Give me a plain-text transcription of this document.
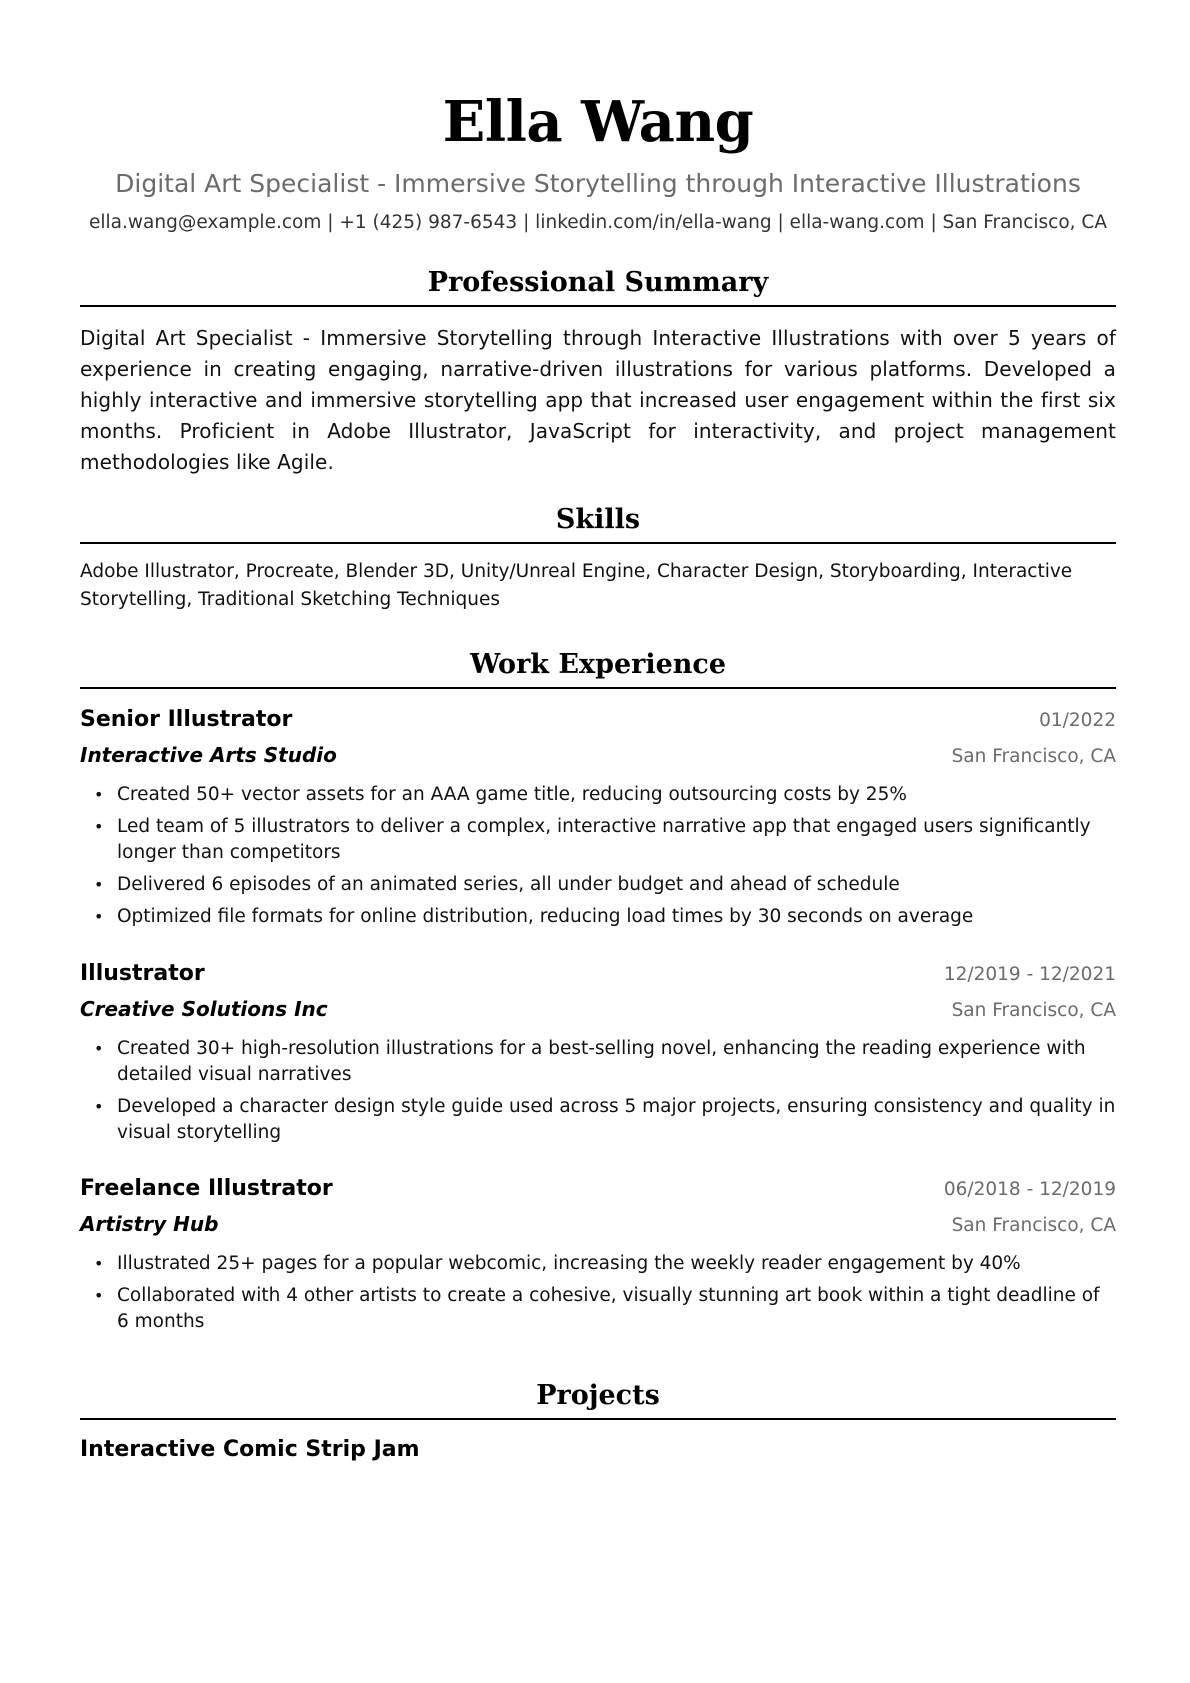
Ella Wang
Digital Art Specialist - Immersive Storytelling through Interactive Illustrations
ella.wang@example.com | +1 (425) 987-6543 | linkedin.com/in/ella-wang | ella-wang.com | San Francisco, CA
Professional Summary

Digital Art Specialist - Immersive Storytelling through Interactive Illustrations with over 5 years of experience in creating engaging, narrative-driven illustrations for various platforms. Developed a highly interactive and immersive storytelling app that increased user engagement within the first six months. Proficient in Adobe Illustrator, JavaScript for interactivity, and project management methodologies like Agile.

Skills

Adobe Illustrator, Procreate, Blender 3D, Unity/Unreal Engine, Character Design, Storyboarding, Interactive Storytelling, Traditional Sketching Techniques

Work Experience
Senior Illustrator	01/2022
Interactive Arts Studio	San Francisco, CA
• Created 50+ vector assets for an AAA game title, reducing outsourcing costs by 25%
• Led team of 5 illustrators to deliver a complex, interactive narrative app that engaged users significantly longer than competitors
• Delivered 6 episodes of an animated series, all under budget and ahead of schedule
• Optimized file formats for online distribution, reducing load times by 30 seconds on average
Illustrator	12/2019 - 12/2021
Creative Solutions Inc	San Francisco, CA
• Created 30+ high-resolution illustrations for a best-selling novel, enhancing the reading experience with detailed visual narratives
• Developed a character design style guide used across 5 major projects, ensuring consistency and quality in visual storytelling
Freelance Illustrator	06/2018 - 12/2019
Artistry Hub	San Francisco, CA
• Illustrated 25+ pages for a popular webcomic, increasing the weekly reader engagement by 40%
• Collaborated with 4 other artists to create a cohesive, visually stunning art book within a tight deadline of 6 months
Projects
Interactive Comic Strip Jam
